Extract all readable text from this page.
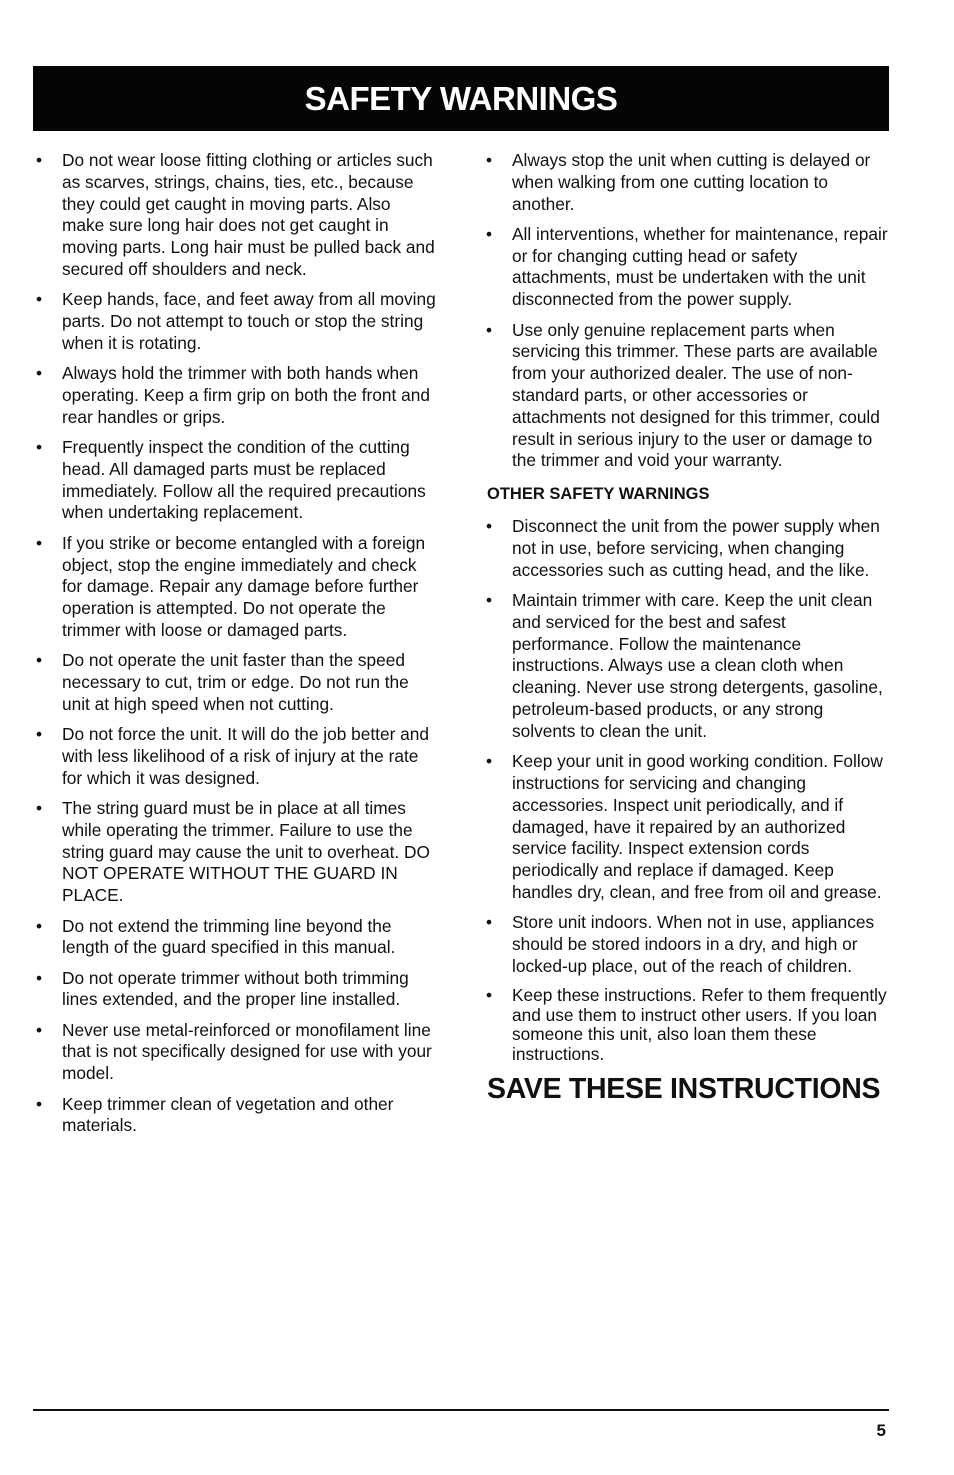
SAFETY WARNINGS
• Do not wear loose fitting clothing or articles such as scarves, strings, chains, ties, etc., because they could get caught in moving parts. Also make sure long hair does not get caught in moving parts. Long hair must be pulled back and secured off shoulders and neck.
• Keep hands, face, and feet away from all moving parts. Do not attempt to touch or stop the string when it is rotating.
• Always hold the trimmer with both hands when operating. Keep a firm grip on both the front and rear handles or grips.
• Frequently inspect the condition of the cutting head. All damaged parts must be replaced immediately. Follow all the required precautions when undertaking replacement.
• If you strike or become entangled with a foreign object, stop the engine immediately and check for damage. Repair any damage before further operation is attempted. Do not operate the trimmer with loose or damaged parts.
• Do not operate the unit faster than the speed necessary to cut, trim or edge. Do not run the unit at high speed when not cutting.
• Do not force the unit. It will do the job better and with less likelihood of a risk of injury at the rate for which it was designed.
• The string guard must be in place at all times while operating the trimmer. Failure to use the string guard may cause the unit to overheat. DO NOT OPERATE WITHOUT THE GUARD IN PLACE.
• Do not extend the trimming line beyond the length of the guard specified in this manual.
• Do not operate trimmer without both trimming lines extended, and the proper line installed.
• Never use metal-reinforced or monofilament line that is not specifically designed for use with your model.
• Keep trimmer clean of vegetation and other materials.
• Always stop the unit when cutting is delayed or when walking from one cutting location to another.
• All interventions, whether for maintenance, repair or for changing cutting head or safety attachments, must be undertaken with the unit disconnected from the power supply.
• Use only genuine replacement parts when servicing this trimmer. These parts are available from your authorized dealer. The use of non-standard parts, or other accessories or attachments not designed for this trimmer, could result in serious injury to the user or damage to the trimmer and void your warranty.
OTHER SAFETY WARNINGS
• Disconnect the unit from the power supply when not in use, before servicing, when changing accessories such as cutting head, and the like.
• Maintain trimmer with care. Keep the unit clean and serviced for the best and safest performance. Follow the maintenance instructions. Always use a clean cloth when cleaning. Never use strong detergents, gasoline, petroleum-based products, or any strong solvents to clean the unit.
• Keep your unit in good working condition. Follow instructions for servicing and changing accessories. Inspect unit periodically, and if damaged, have it repaired by an authorized service facility. Inspect extension cords periodically and replace if damaged. Keep handles dry, clean, and free from oil and grease.
• Store unit indoors. When not in use, appliances should be stored indoors in a dry, and high or locked-up place, out of the reach of children.
• Keep these instructions. Refer to them frequently and use them to instruct other users. If you loan someone this unit, also loan them these instructions.
SAVE THESE INSTRUCTIONS
5
